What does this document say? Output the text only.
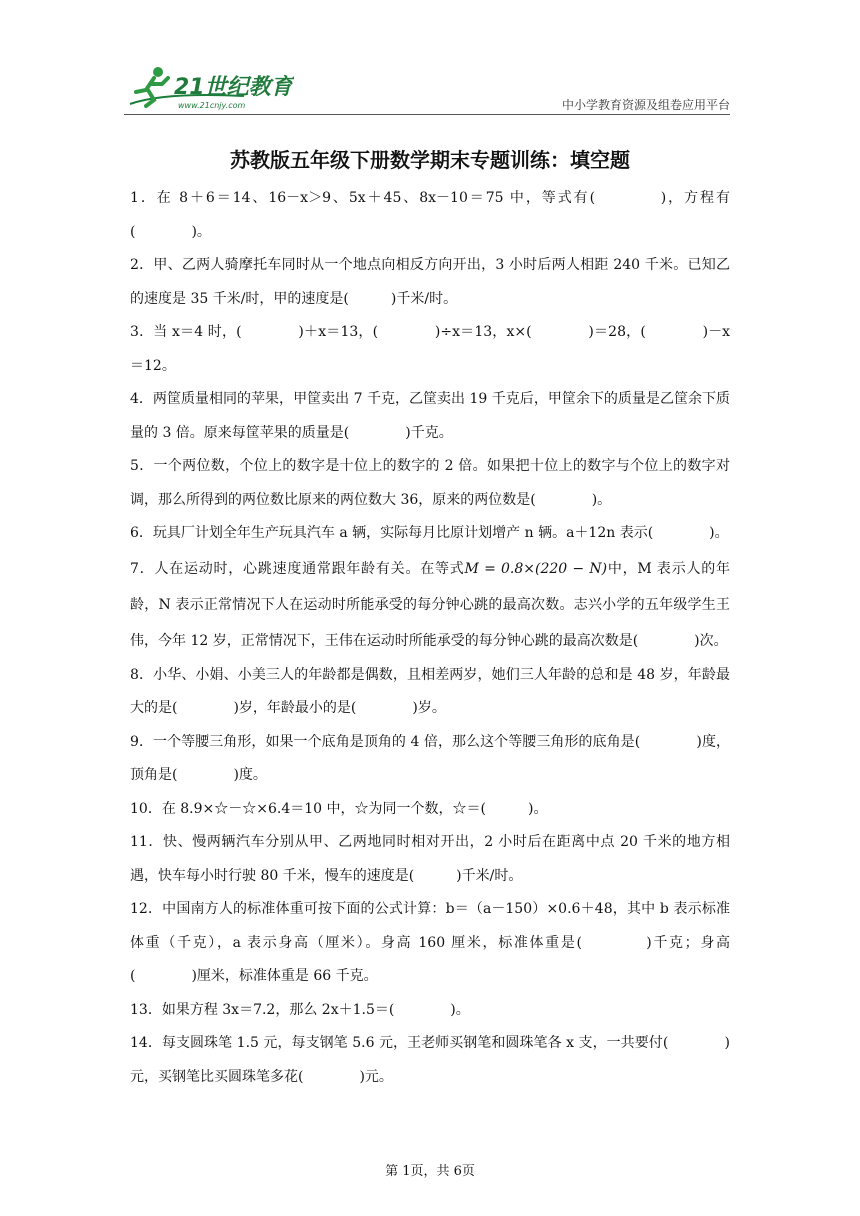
21世纪教育
www.21cnjy.com	中小学教育资源及组卷应用平台
苏教版五年级下册数学期末专题训练：填空题

1．在 8＋6＝14、16－x＞9、5x＋45、8x－10＝75 中，等式有(　　　　)，方程有(　　　　)。

2．甲、乙两人骑摩托车同时从一个地点向相反方向开出，3 小时后两人相距 240 千米。已知乙的速度是 35 千米/时，甲的速度是(　　　)千米/时。

3．当 x＝4 时，(　　　　)＋x＝13，(　　　　)÷x＝13，x×(　　　　)＝28，(　　　　)－x＝12。

4．两筐质量相同的苹果，甲筐卖出 7 千克，乙筐卖出 19 千克后，甲筐余下的质量是乙筐余下质量的 3 倍。原来每筐苹果的质量是(　　　　)千克。

5．一个两位数，个位上的数字是十位上的数字的 2 倍。如果把十位上的数字与个位上的数字对调，那么所得到的两位数比原来的两位数大 36，原来的两位数是(　　　　)。

6．玩具厂计划全年生产玩具汽车 a 辆，实际每月比原计划增产 n 辆。a＋12n 表示(　　　　)。

7．人在运动时，心跳速度通常跟年龄有关。在等式M = 0.8×(220 − N)中，M 表示人的年龄，N 表示正常情况下人在运动时所能承受的每分钟心跳的最高次数。志兴小学的五年级学生王伟，今年 12 岁，正常情况下，王伟在运动时所能承受的每分钟心跳的最高次数是(　　　　)次。

8．小华、小娟、小美三人的年龄都是偶数，且相差两岁，她们三人年龄的总和是 48 岁，年龄最大的是(　　　　)岁，年龄最小的是(　　　　)岁。

9．一个等腰三角形，如果一个底角是顶角的 4 倍，那么这个等腰三角形的底角是(　　　　)度，顶角是(　　　　)度。

10．在 8.9×☆－☆×6.4＝10 中，☆为同一个数，☆＝(　　　)。

11．快、慢两辆汽车分别从甲、乙两地同时相对开出，2 小时后在距离中点 20 千米的地方相遇，快车每小时行驶 80 千米，慢车的速度是(　　　)千米/时。

12．中国南方人的标准体重可按下面的公式计算：b＝（a－150）×0.6＋48，其中 b 表示标准体重（千克），a 表示身高（厘米）。身高 160 厘米，标准体重是(　　　　)千克；身高(　　　　)厘米，标准体重是 66 千克。

13．如果方程 3x＝7.2，那么 2x＋1.5＝(　　　　)。

14．每支圆珠笔 1.5 元，每支钢笔 5.6 元，王老师买钢笔和圆珠笔各 x 支，一共要付(　　　　)元，买钢笔比买圆珠笔多花(　　　　)元。

第 1页，共 6页
